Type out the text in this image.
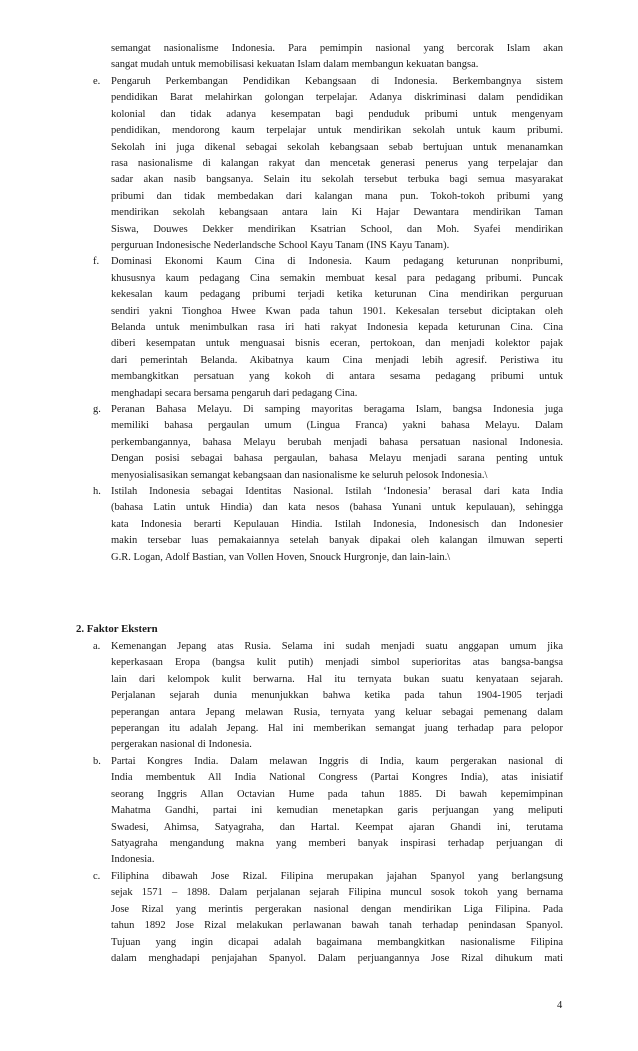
semangat nasionalisme Indonesia. Para pemimpin nasional yang bercorak Islam akan
sangat mudah untuk memobilisasi kekuatan Islam dalam membangun kekuatan bangsa.
e.	Pengaruh Perkembangan Pendidikan Kebangsaan di Indonesia. Berkembangnya sistem
pendidikan Barat melahirkan golongan terpelajar. Adanya diskriminasi dalam pendidikan
kolonial dan tidak adanya kesempatan bagi penduduk pribumi untuk mengenyam
pendidikan, mendorong kaum terpelajar untuk mendirikan sekolah untuk kaum pribumi.
Sekolah ini juga dikenal sebagai sekolah kebangsaan sebab bertujuan untuk menanamkan
rasa nasionalisme di kalangan rakyat dan mencetak generasi penerus yang terpelajar dan
sadar akan nasib bangsanya. Selain itu sekolah tersebut terbuka bagi semua masyarakat
pribumi dan tidak membedakan dari kalangan mana pun. Tokoh-tokoh pribumi yang
mendirikan sekolah kebangsaan antara lain Ki Hajar Dewantara mendirikan Taman
Siswa, Douwes Dekker mendirikan Ksatrian School, dan Moh. Syafei mendirikan
perguruan Indonesische Nederlandsche School Kayu Tanam (INS Kayu Tanam).
f.	Dominasi Ekonomi Kaum Cina di Indonesia. Kaum pedagang keturunan nonpribumi,
khususnya kaum pedagang Cina semakin membuat kesal para pedagang pribumi. Puncak
kekesalan kaum pedagang pribumi terjadi ketika keturunan Cina mendirikan perguruan
sendiri yakni Tionghoa Hwee Kwan pada tahun 1901. Kekesalan tersebut diciptakan oleh
Belanda untuk menimbulkan rasa iri hati rakyat Indonesia kepada keturunan Cina. Cina
diberi kesempatan untuk menguasai bisnis eceran, pertokoan, dan menjadi kolektor pajak
dari pemerintah Belanda. Akibatnya kaum Cina menjadi lebih agresif. Peristiwa itu
membangkitkan persatuan yang kokoh di antara sesama pedagang pribumi untuk
menghadapi secara bersama pengaruh dari pedagang Cina.
g. Peranan Bahasa Melayu. Di samping mayoritas beragama Islam, bangsa Indonesia juga
memiliki bahasa pergaulan umum (Lingua Franca) yakni bahasa Melayu. Dalam
perkembangannya, bahasa Melayu berubah menjadi bahasa persatuan nasional Indonesia.
Dengan posisi sebagai bahasa pergaulan, bahasa Melayu menjadi sarana penting untuk
menyosialisasikan semangat kebangsaan dan nasionalisme ke seluruh pelosok Indonesia.\
h. Istilah Indonesia sebagai Identitas Nasional. Istilah ‘Indonesia’ berasal dari kata India
(bahasa Latin untuk Hindia) dan kata nesos (bahasa Yunani untuk kepulauan), sehingga
kata Indonesia berarti Kepulauan Hindia. Istilah Indonesia, Indonesisch dan Indonesier
makin tersebar luas pemakaiannya setelah banyak dipakai oleh kalangan ilmuwan seperti
G.R. Logan, Adolf Bastian, van Vollen Hoven, Snouck Hurgronje, dan lain-lain.\
2. Faktor Ekstern
a.	Kemenangan Jepang atas Rusia. Selama ini sudah menjadi suatu anggapan umum jika
keperkasaan Eropa (bangsa kulit putih) menjadi simbol superioritas atas bangsa-bangsa
lain dari kelompok kulit berwarna. Hal itu ternyata bukan suatu kenyataan sejarah.
Perjalanan sejarah dunia menunjukkan bahwa ketika pada tahun 1904-1905 terjadi
peperangan antara Jepang melawan Rusia, ternyata yang keluar sebagai pemenang dalam
peperangan itu adalah Jepang. Hal ini memberikan semangat juang terhadap para pelopor
pergerakan nasional di Indonesia.
b. Partai Kongres India. Dalam melawan Inggris di India, kaum pergerakan nasional di
India membentuk All India National Congress (Partai Kongres India), atas inisiatif
seorang Inggris Allan Octavian Hume pada tahun 1885. Di bawah kepemimpinan
Mahatma Gandhi, partai ini kemudian menetapkan garis perjuangan yang meliputi
Swadesi, Ahimsa, Satyagraha, dan Hartal. Keempat ajaran Ghandi ini, terutama
Satyagraha mengandung makna yang memberi banyak inspirasi terhadap perjuangan di
Indonesia.
c.	Filiphina dibawah Jose Rizal. Filipina merupakan jajahan Spanyol yang berlangsung
sejak 1571 – 1898. Dalam perjalanan sejarah Filipina muncul sosok tokoh yang bernama
Jose Rizal yang merintis pergerakan nasional dengan mendirikan Liga Filipina. Pada
tahun 1892 Jose Rizal melakukan perlawanan bawah tanah terhadap penindasan Spanyol.
Tujuan yang ingin dicapai adalah bagaimana membangkitkan nasionalisme Filipina
dalam menghadapi penjajahan Spanyol. Dalam perjuangannya Jose Rizal dihukum mati
4
